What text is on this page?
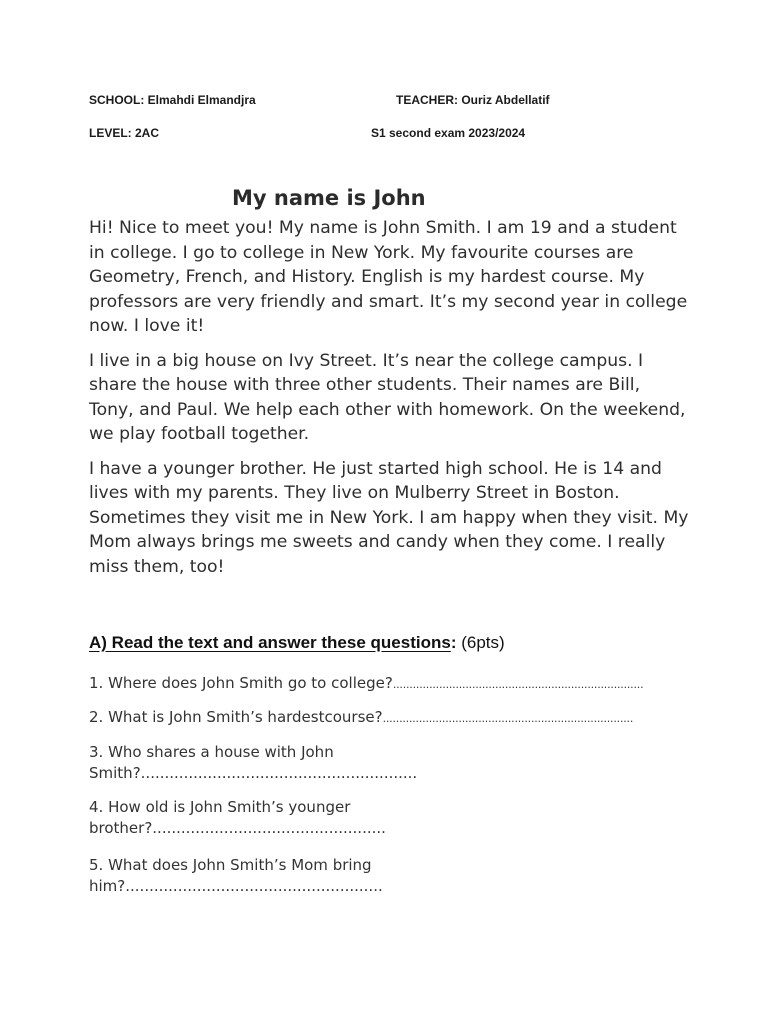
SCHOOL: Elmahdi Elmandjra	TEACHER: Ouriz Abdellatif
LEVEL: 2AC	S1 second exam 2023/2024
My name is John

Hi! Nice to meet you! My name is John Smith. I am 19 and a student in college. I go to college in New York. My favourite courses are Geometry, French, and History. English is my hardest course. My professors are very friendly and smart. It’s my second year in college now. I love it!

I live in a big house on Ivy Street. It’s near the college campus. I share the house with three other students. Their names are Bill, Tony, and Paul. We help each other with homework. On the weekend, we play football together.

I have a younger brother. He just started high school. He is 14 and lives with my parents. They live on Mulberry Street in Boston. Sometimes they visit me in New York. I am happy when they visit. My Mom always brings me sweets and candy when they come. I really miss them, too!

A) Read the text and answer these questions: (6pts)
1. Where does John Smith go to college?............................................................................
2. What is John Smith’s hardestcourse?............................................................................
3. Who shares a house with John Smith?..........................................................
4. How old is John Smith’s younger brother?.................................................
5. What does John Smith’s Mom bring him?......................................................
